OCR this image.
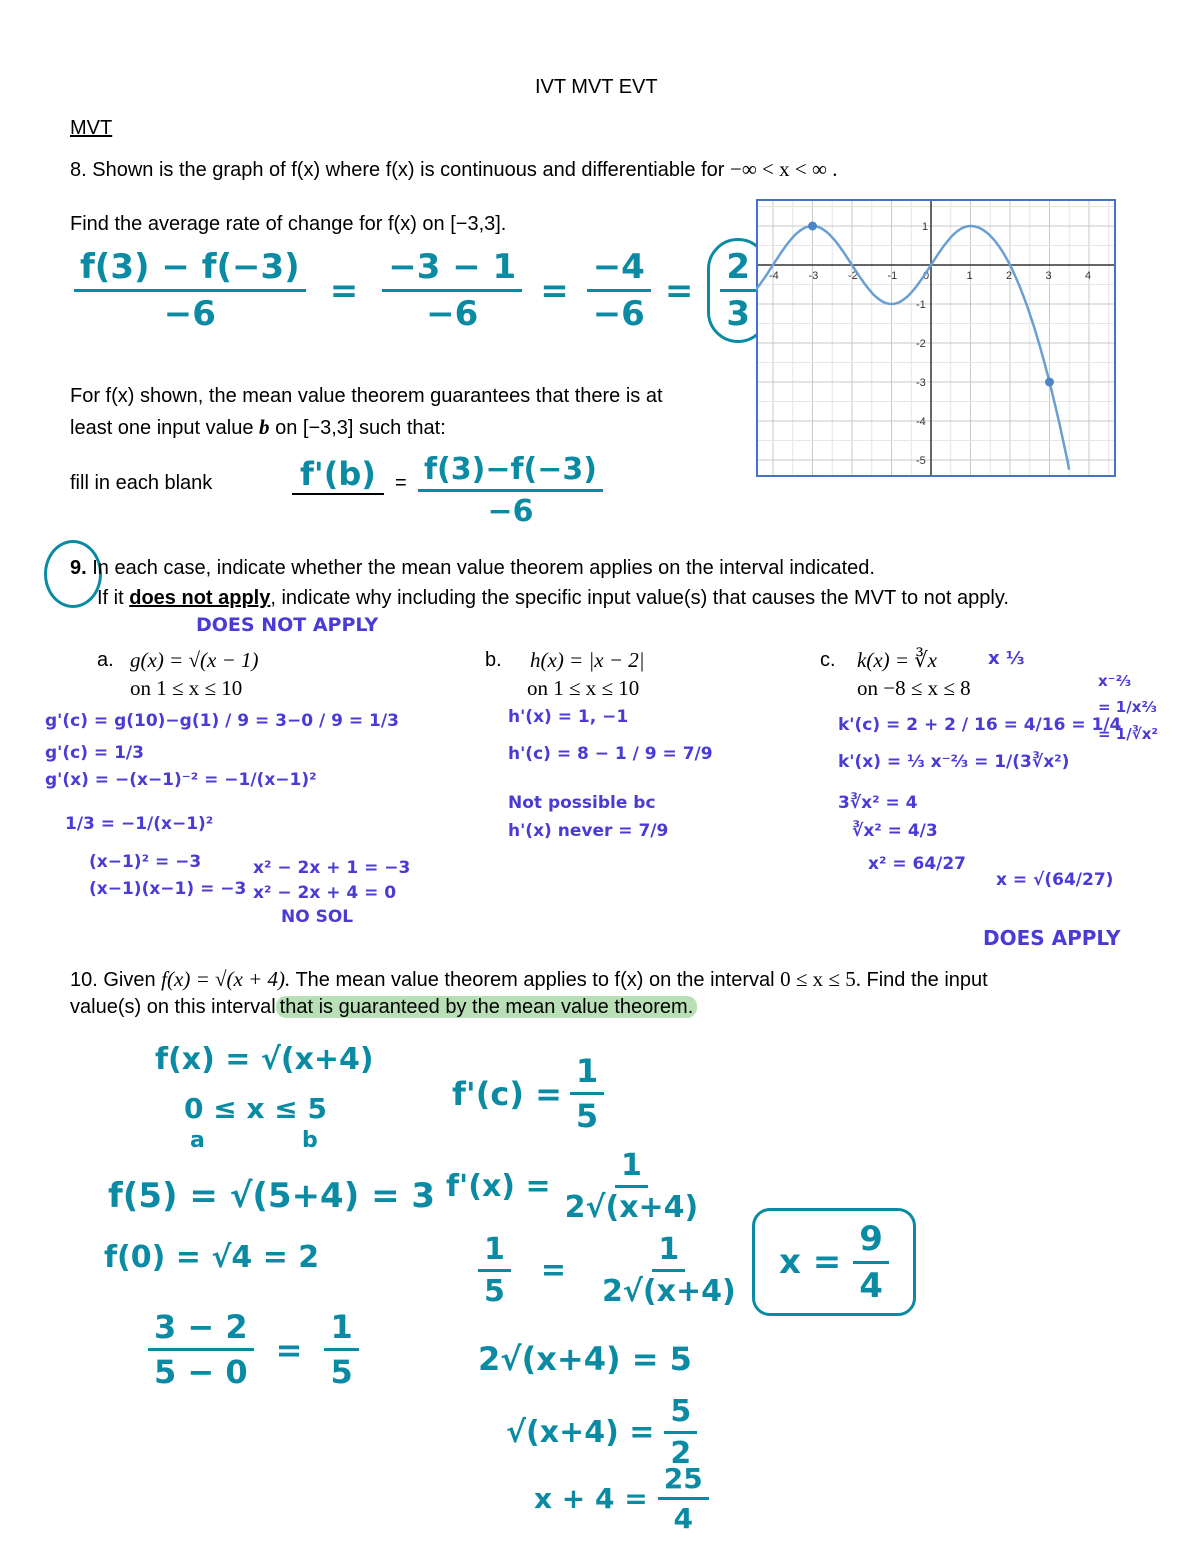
IVT MVT EVT
MVT
8. Shown is the graph of f(x) where f(x) is continuous and differentiable for −∞ < x < ∞ .
Find the average rate of change for f(x) on [−3,3].
$\frac{f(3) - f(-3)}{-6} = \frac{-3 - 1}{-6} = \frac{-4}{-6} = \frac{2}{3}$
For f(x) shown, the mean value theorem guarantees that there is at
least one input value b on [−3,3] such that:
fill in each blank	$f'(b) = \frac{f(3)-f(-3)}{-6}$
-4	-3	-2	-1 0	1	2	3	4
1
-1
-2
-3
-4
-5
9. In each case, indicate whether the mean value theorem applies on the interval indicated.
If it does not apply, indicate why including the specific input value(s) that causes the MVT to not apply.
DOES NOT APPLY
a. g(x) = √(x − 1)
on 1 ≤ x ≤ 10
b. h(x) = |x − 2|
on 1 ≤ x ≤ 10
c. k(x) = ∛x
on −8 ≤ x ≤ 8
g'(c) = g(10)−g(1) / 9 = 3−0 / 9 = 1/3
g'(c) = 1/3
g'(x) = −(x−1)⁻² = −1/(x−1)²
1/3 = −1/(x−1)²
(x−1)² = −3
(x−1)(x−1) = −3
x² − 2x + 1 = −3
x² − 2x + 4 = 0
NO SOL
h'(x) = 1, −1
h'(c) = 8 − 1 / 9 = 7/9
Not possible bc
h'(x) never = 7/9
x ⅓
x⁻⅔
= 1/x⅔
= 1/∛x²
k'(c) = 2 + 2 / 16 = 4/16 = 1/4
k'(x) = ⅓ x⁻⅔ = 1/(3∛x²)
3∛x² = 4
∛x² = 4/3
x² = 64/27
x = √(64/27)
DOES APPLY
10. Given f(x) = √(x + 4). The mean value theorem applies to f(x) on the interval 0 ≤ x ≤ 5. Find the input
value(s) on this interval that is guaranteed by the mean value theorem.
f(x) = √(x+4)
0 ≤ x ≤ 5
a	b
f(5) = √(5+4) = 3
f(0) = √4 = 2
$\frac{3 - 2}{5 - 0} = \frac{1}{5}$
$f'(c) = \frac{1}{5}$
$f'(x) = \frac{1}{2√(x+4)}$
$\frac{1}{5} = \frac{1}{2√(x+4)}$
2√(x+4) = 5
$√(x+4) = \frac{5}{2}$
$x + 4 = \frac{25}{4}$
$x = \frac{9}{4}$
